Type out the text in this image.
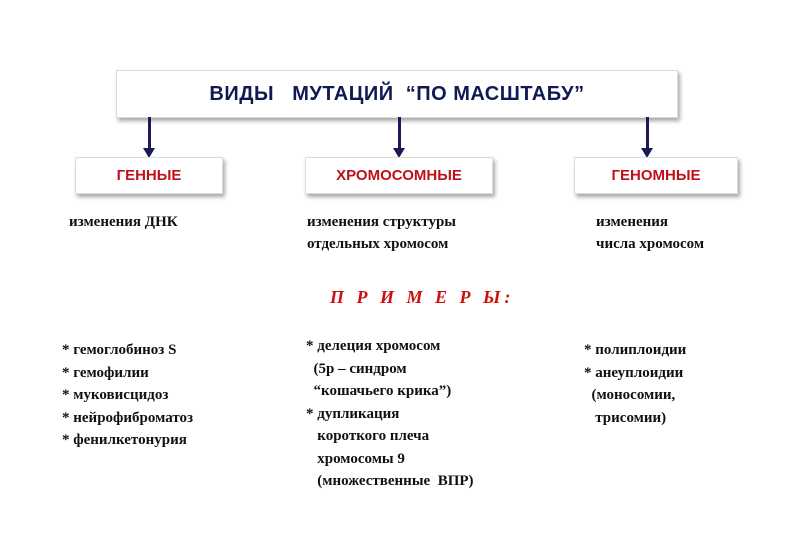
ВИДЫ   МУТАЦИЙ  “ПО МАСШТАБУ”
ГЕННЫЕ	ХРОМОСОМНЫЕ	ГЕНОМНЫЕ
изменения ДНК	изменения структуры
отдельных хромосом
изменения
числа хромосом
П Р И М Е Р Ы:
* гемоглобиноз S
* гемофилии
* муковисцидоз
* нейрофиброматоз
* фенилкетонурия
* делеция хромосом
(5р – синдром
“кошачьего крика”)
* дупликация
короткого плеча
хромосомы 9
(множественные  ВПР)
* полиплоидии
* анеуплоидии
(моносомии,
трисомии)
